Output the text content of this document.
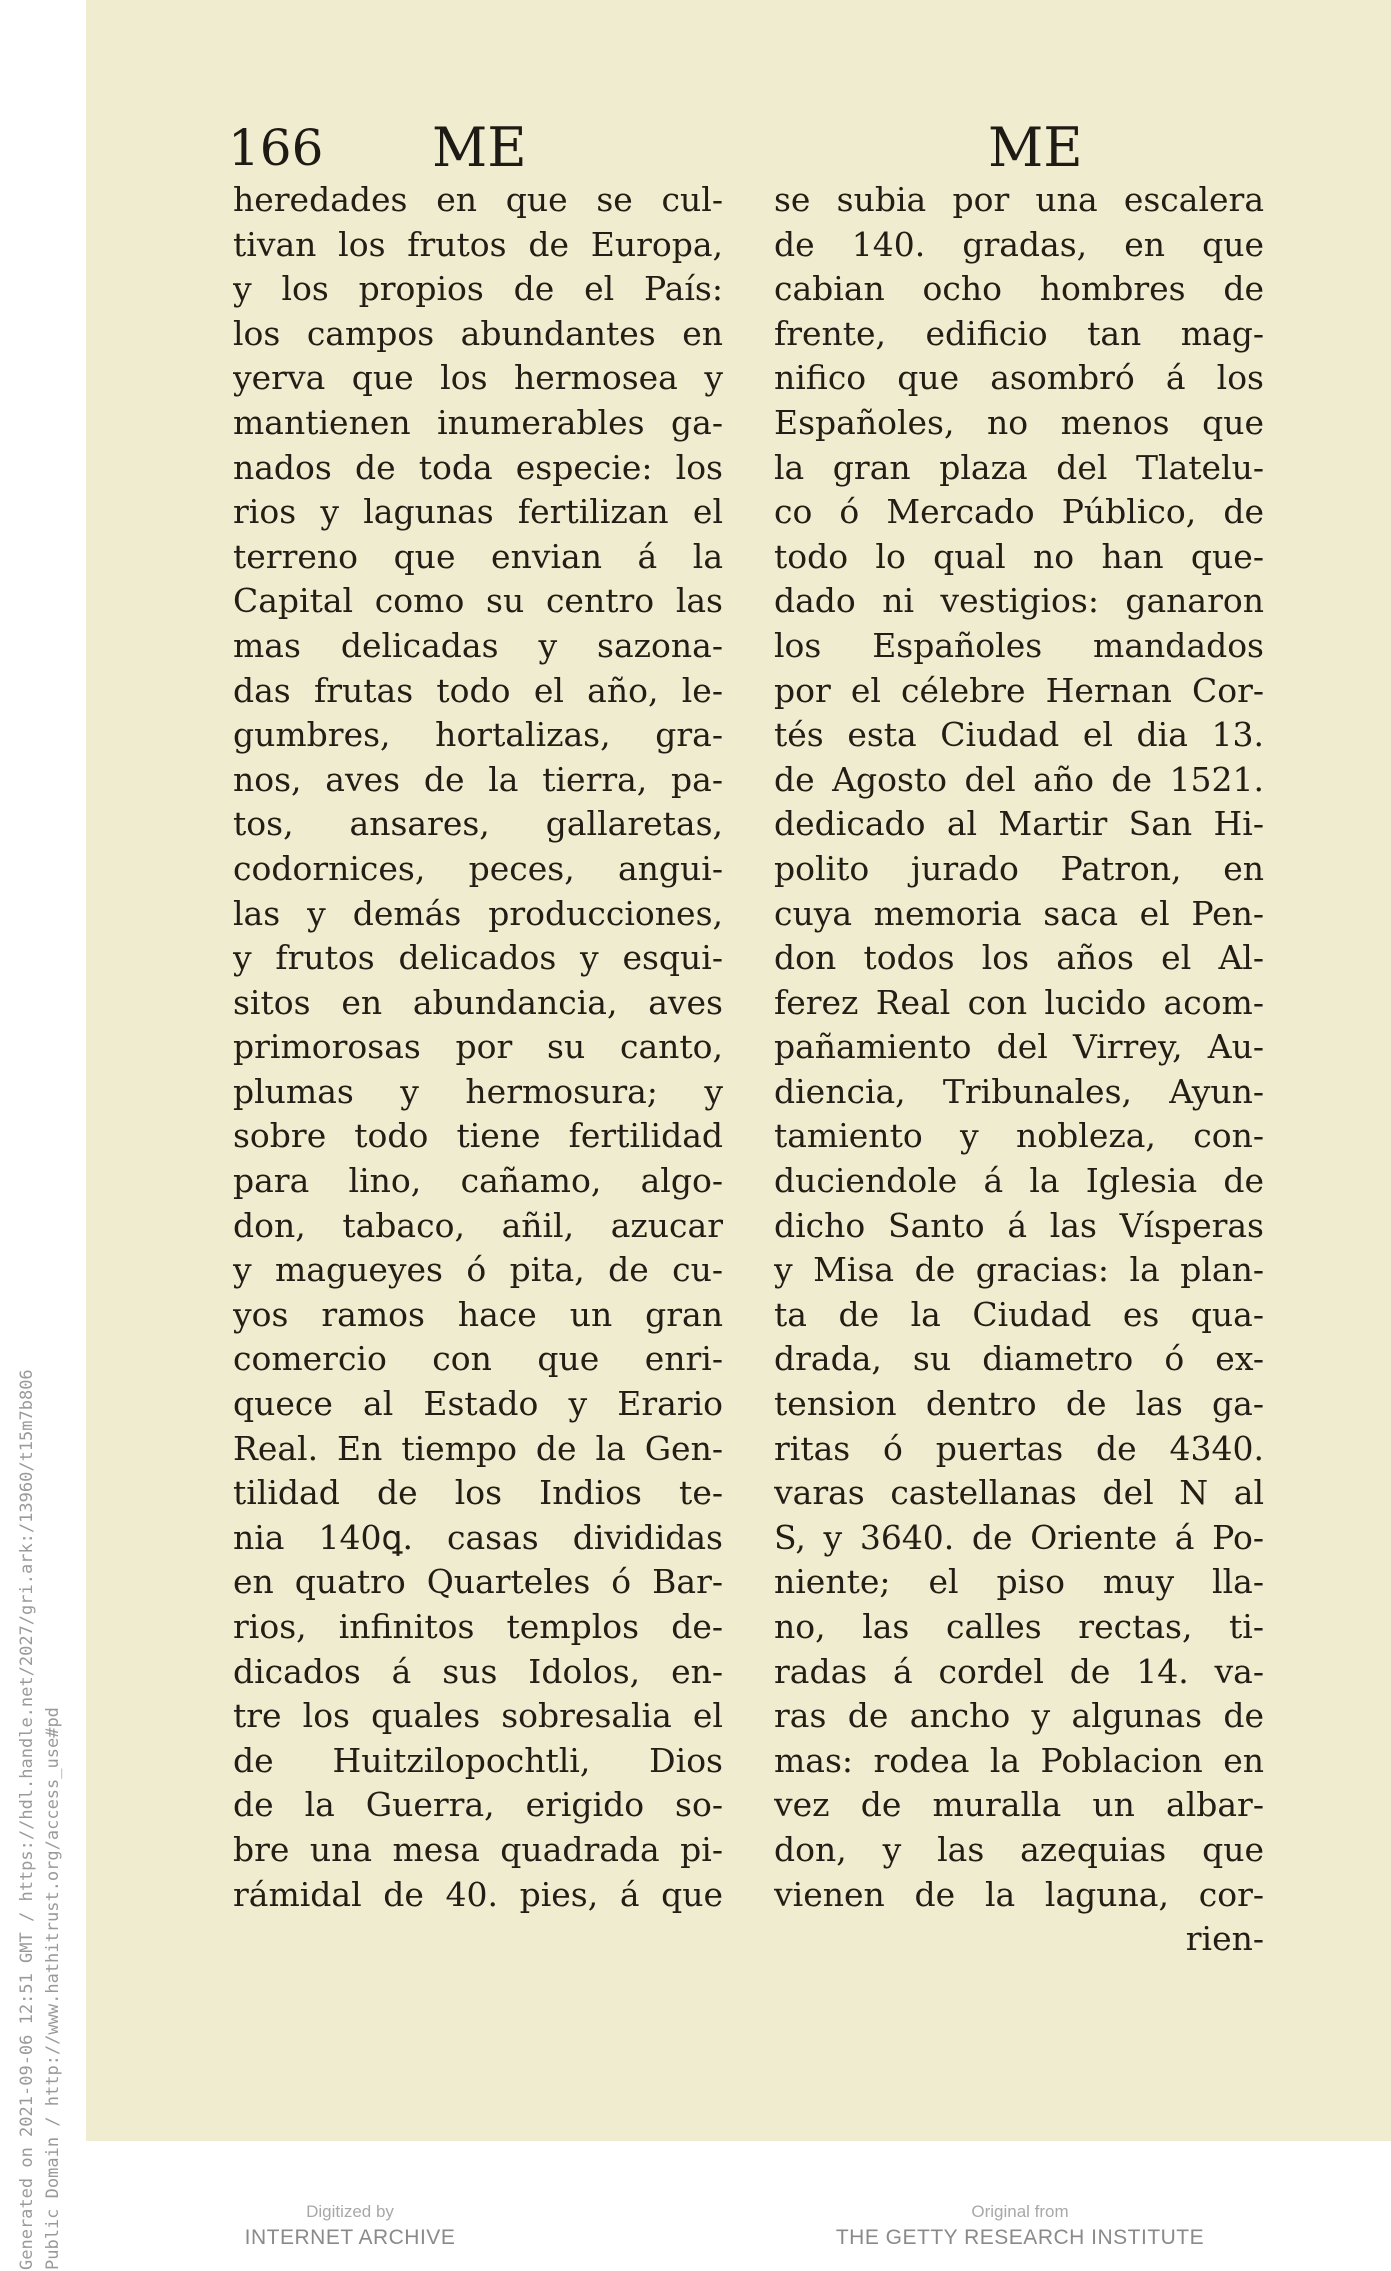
Generated on 2021-09-06 12:51 GMT / https://hdl.handle.net/2027/gri.ark:/13960/t15m7b806 Public Domain / http://www.hathitrust.org/access_use#pd
166 ME	ME
heredades en que se cul-
tivan los frutos de Europa,
y los propios de el País:
los campos abundantes en
yerva que los hermosea y
mantienen inumerables ga-
nados de toda especie: los
rios y lagunas fertilizan el
terreno que envian á la
Capital como su centro las
mas delicadas y sazona-
das frutas todo el año, le-
gumbres, hortalizas, gra-
nos, aves de la tierra, pa-
tos, ansares, gallaretas,
codornices, peces, angui-
las y demás producciones,
y frutos delicados y esqui-
sitos en abundancia, aves
primorosas por su canto,
plumas y hermosura; y
sobre todo tiene fertilidad
para lino, cañamo, algo-
don, tabaco, añil, azucar
y magueyes ó pita, de cu-
yos ramos hace un gran
comercio con que enri-
quece al Estado y Erario
Real. En tiempo de la Gen-
tilidad de los Indios te-
nia 140ꝗ. casas divididas
en quatro Quarteles ó Bar-
rios, infinitos templos de-
dicados á sus Idolos, en-
tre los quales sobresalia el
de Huitzilopochtli, Dios
de la Guerra, erigido so-
bre una mesa quadrada pi-
rámidal de 40. pies, á que
se subia por una escalera
de 140. gradas, en que
cabian ocho hombres de
frente, edificio tan mag-
nifico que asombró á los
Españoles, no menos que
la gran plaza del Tlatelu-
co ó Mercado Público, de
todo lo qual no han que-
dado ni vestigios: ganaron
los Españoles mandados
por el célebre Hernan Cor-
tés esta Ciudad el dia 13.
de Agosto del año de 1521.
dedicado al Martir San Hi-
polito jurado Patron, en
cuya memoria saca el Pen-
don todos los años el Al-
ferez Real con lucido acom-
pañamiento del Virrey, Au-
diencia, Tribunales, Ayun-
tamiento y nobleza, con-
duciendole á la Iglesia de
dicho Santo á las Vísperas
y Misa de gracias: la plan-
ta de la Ciudad es qua-
drada, su diametro ó ex-
tension dentro de las ga-
ritas ó puertas de 4340.
varas castellanas del N al
S, y 3640. de Oriente á Po-
niente; el piso muy lla-
no, las calles rectas, ti-
radas á cordel de 14. va-
ras de ancho y algunas de
mas: rodea la Poblacion en
vez de muralla un albar-
don, y las azequias que
vienen de la laguna, cor-
rien-
Digitized by
INTERNET ARCHIVE
Original from
THE GETTY RESEARCH INSTITUTE
